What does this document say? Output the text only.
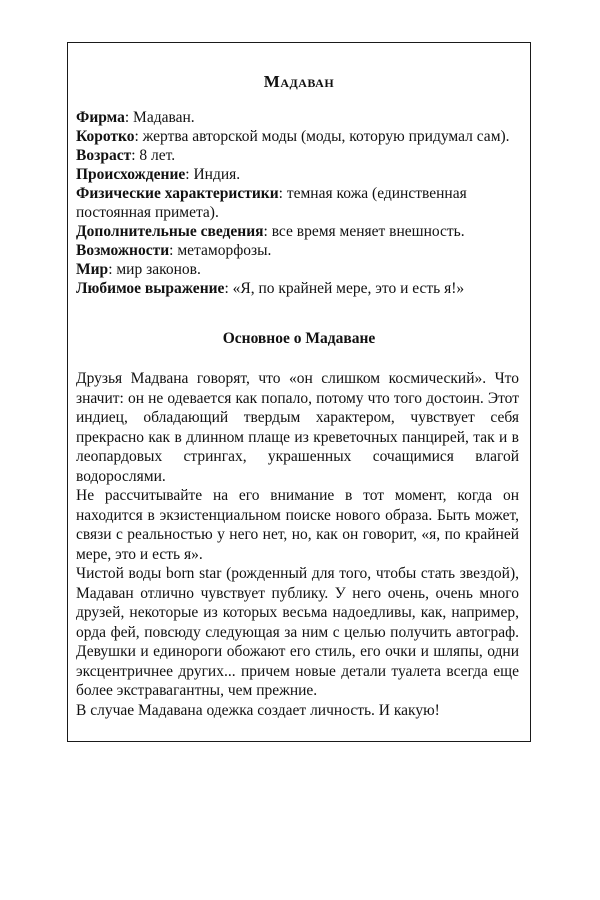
Мадаван

Фирма: Мадаван.

Коротко: жертва авторской моды (моды, которую придумал сам).

Возраст: 8 лет.

Происхождение: Индия.

Физические характеристики: темная кожа (единственная постоянная примета).

Дополнительные сведения: все время меняет внешность.

Возможности: метаморфозы.

Мир: мир законов.

Любимое выражение: «Я, по крайней мере, это и есть я!»

Основное о Мадаване

Друзья Мадвана говорят, что «он слишком космический». Что значит: он не одевается как попало, потому что того достоин. Этот индиец, обладающий твердым характером, чувствует себя прекрасно как в длинном плаще из креветочных панцирей, так и в леопардовых стрингах, украшенных сочащимися влагой водорослями.

Не рассчитывайте на его внимание в тот момент, когда он находится в экзистенциальном поиске нового образа. Быть может, связи с реальностью у него нет, но, как он говорит, «я, по крайней мере, это и есть я».

Чистой воды born star (рожденный для того, чтобы стать звездой), Мадаван отлично чувствует публику. У него очень, очень много друзей, некоторые из которых весьма надоедливы, как, например, орда фей, повсюду следующая за ним с целью получить автограф. Девушки и единороги обожают его стиль, его очки и шляпы, одни эксцентричнее других... причем новые детали туалета всегда еще более экстравагантны, чем прежние.

В случае Мадавана одежка создает личность. И какую!
